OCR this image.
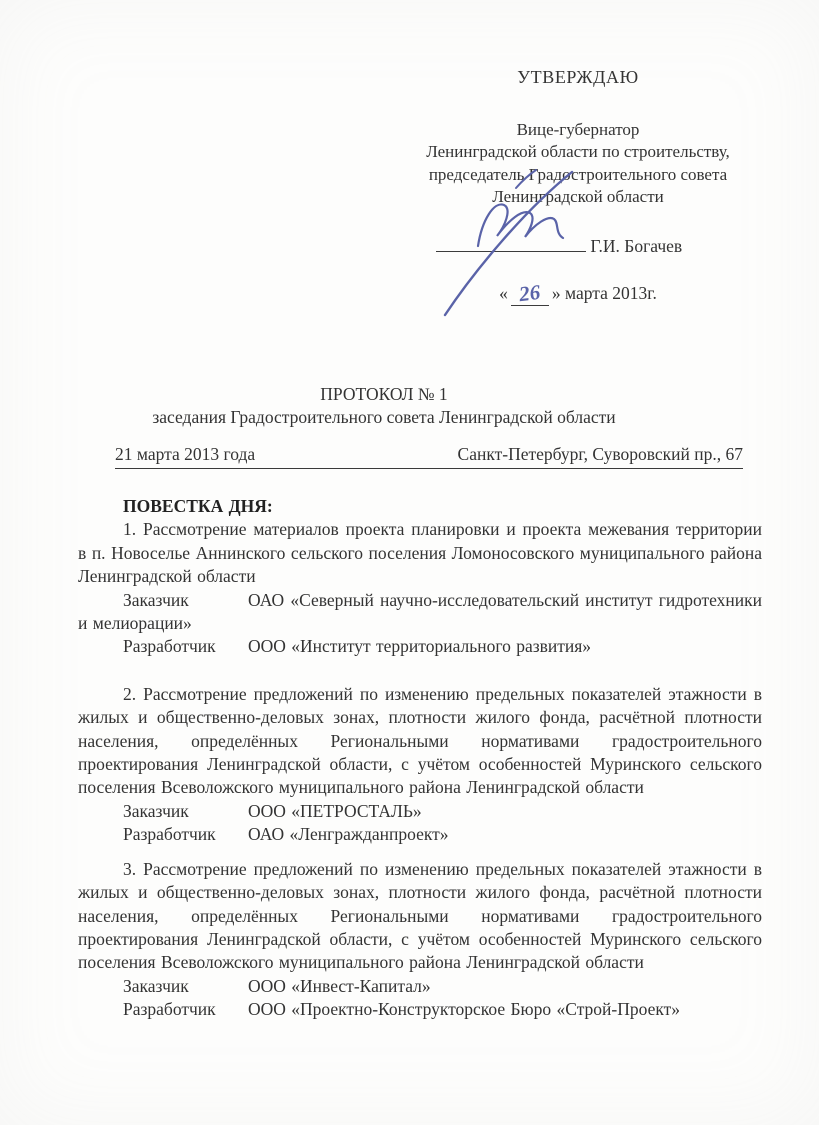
УТВЕРЖДАЮ
Вице-губернатор
Ленинградской области по строительству,
председатель Градостроительного совета
Ленинградской области
Г.И. Богачев
« 26 » марта 2013г.
ПРОТОКОЛ № 1
заседания Градостроительного совета Ленинградской области
21 марта 2013 года	Санкт-Петербург, Суворовский пр., 67

ПОВЕСТКА ДНЯ:

1. Рассмотрение материалов проекта планировки и проекта межевания территории в п. Новоселье Аннинского сельского поселения Ломоносовского муниципального района Ленинградской области

Заказчик	ОАО «Северный научно-исследовательский институт гидротехники и мелиорации»

Разработчик ООО «Институт территориального развития»

2. Рассмотрение предложений по изменению предельных показателей этажности в жилых и общественно-деловых зонах, плотности жилого фонда, расчётной плотности населения, определённых Региональными нормативами градостроительного проектирования Ленинградской области, с учётом особенностей Муринского сельского поселения Всеволожского муниципального района Ленинградской области

Заказчик	ООО «ПЕТРОСТАЛЬ»

Разработчик ОАО «Ленгражданпроект»

3. Рассмотрение предложений по изменению предельных показателей этажности в жилых и общественно-деловых зонах, плотности жилого фонда, расчётной плотности населения, определённых Региональными нормативами градостроительного проектирования Ленинградской области, с учётом особенностей Муринского сельского поселения Всеволожского муниципального района Ленинградской области

Заказчик	ООО «Инвест-Капитал»

Разработчик ООО «Проектно-Конструкторское Бюро «Строй-Проект»
